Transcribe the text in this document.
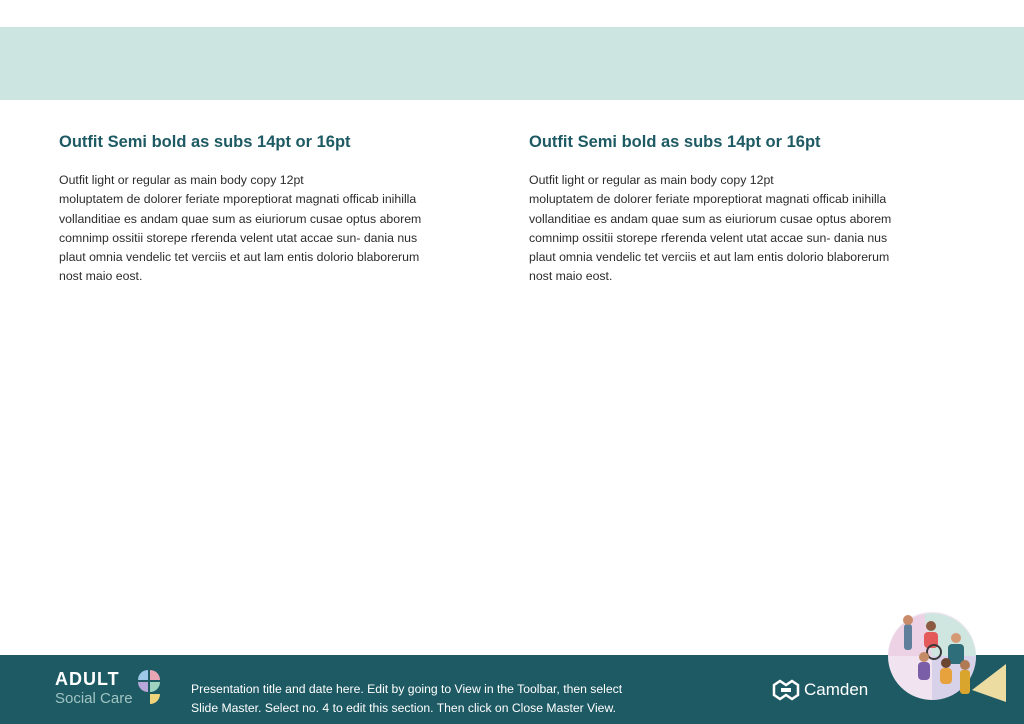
Outfit Semi bold as subs 14pt or 16pt

Outfit light or regular as main body copy 12pt
moluptatem de dolorer feriate mporeptiorat magnati officab inihilla
vollanditiae es andam quae sum as eiuriorum cusae optus aborem
comnimp ossitii storepe rferenda velent utat accae sun- dania nus
plaut omnia vendelic tet verciis et aut lam entis dolorio blaborerum
nost maio eost.

Outfit Semi bold as subs 14pt or 16pt

Outfit light or regular as main body copy 12pt
moluptatem de dolorer feriate mporeptiorat magnati officab inihilla
vollanditiae es andam quae sum as eiuriorum cusae optus aborem
comnimp ossitii storepe rferenda velent utat accae sun- dania nus
plaut omnia vendelic tet verciis et aut lam entis dolorio blaborerum
nost maio eost.

ADULT
Social Care
Presentation title and date here. Edit by going to View in the Toolbar, then select
Slide Master. Select no. 4 to edit this section. Then click on Close Master View.
Camden
